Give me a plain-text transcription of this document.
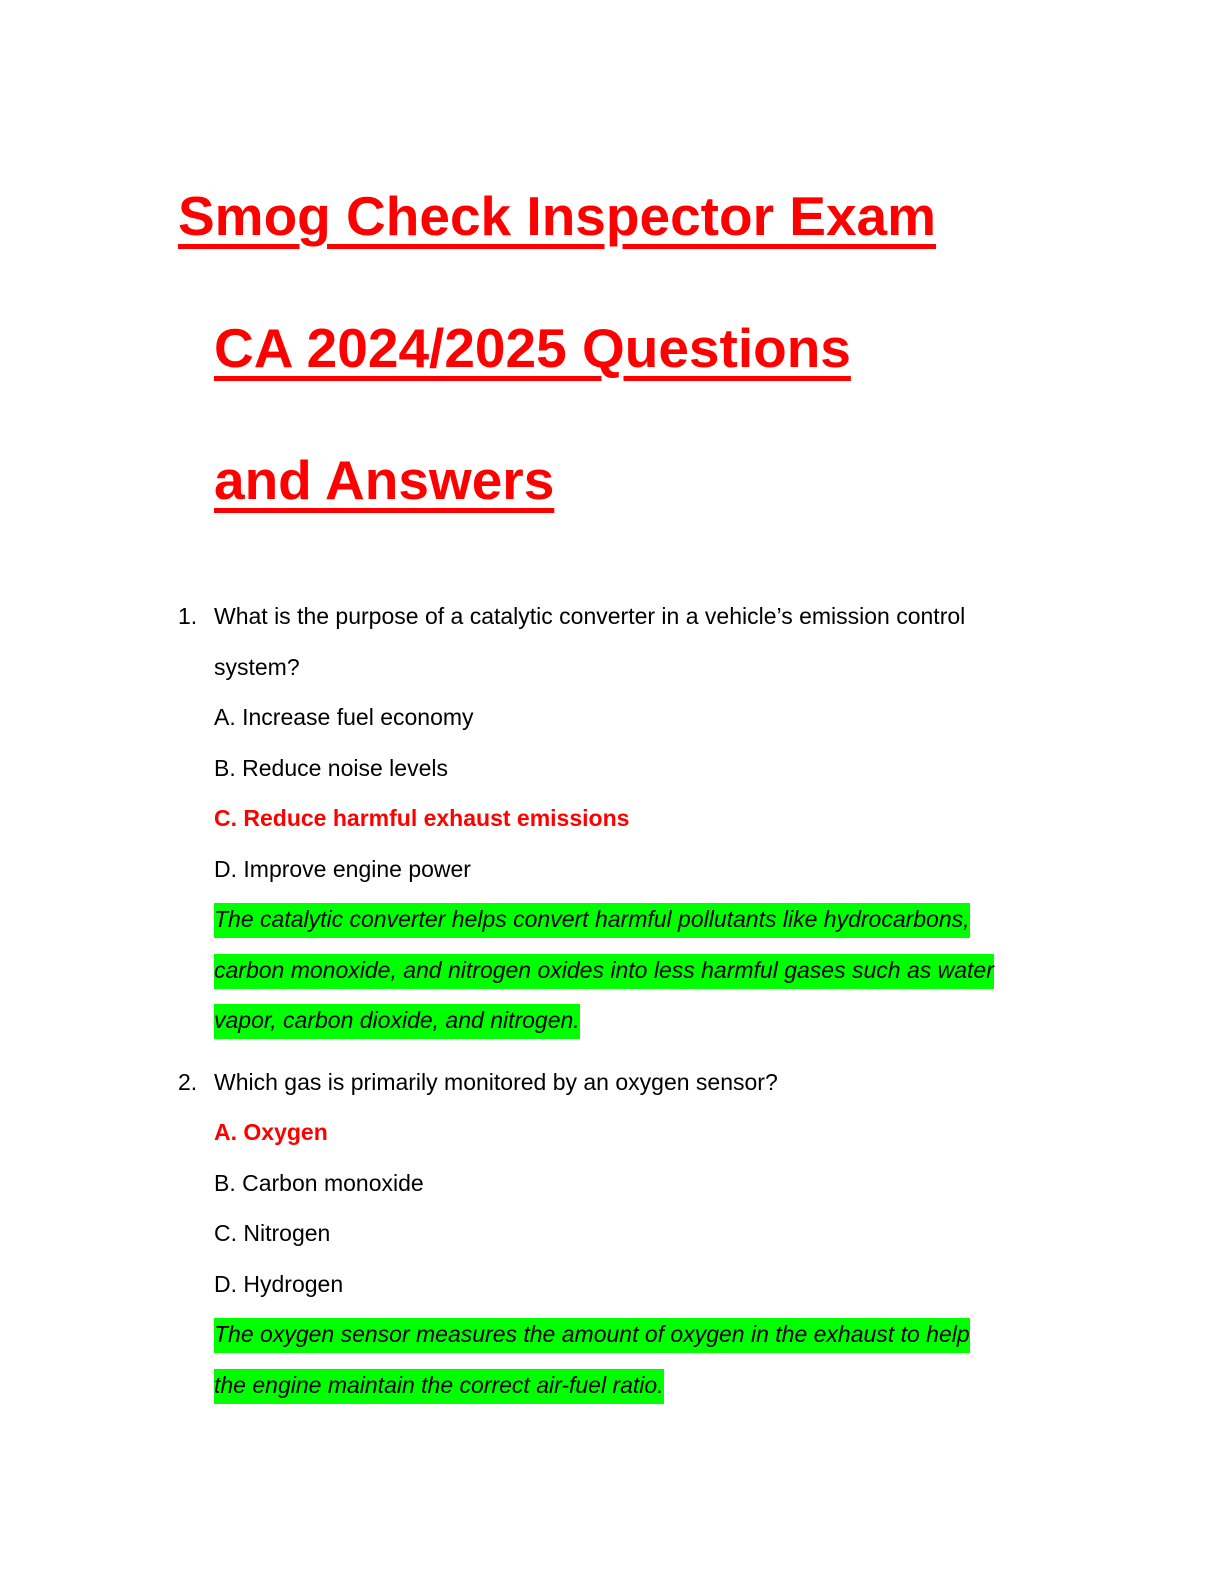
Smog Check Inspector Exam
CA 2024/2025 Questions
and Answers
1. What is the purpose of a catalytic converter in a vehicle’s emission control
system?
A. Increase fuel economy
B. Reduce noise levels
C. Reduce harmful exhaust emissions
D. Improve engine power
The catalytic converter helps convert harmful pollutants like hydrocarbons,
carbon monoxide, and nitrogen oxides into less harmful gases such as water
vapor, carbon dioxide, and nitrogen.
2. Which gas is primarily monitored by an oxygen sensor?
A. Oxygen
B. Carbon monoxide
C. Nitrogen
D. Hydrogen
The oxygen sensor measures the amount of oxygen in the exhaust to help
the engine maintain the correct air-fuel ratio.
